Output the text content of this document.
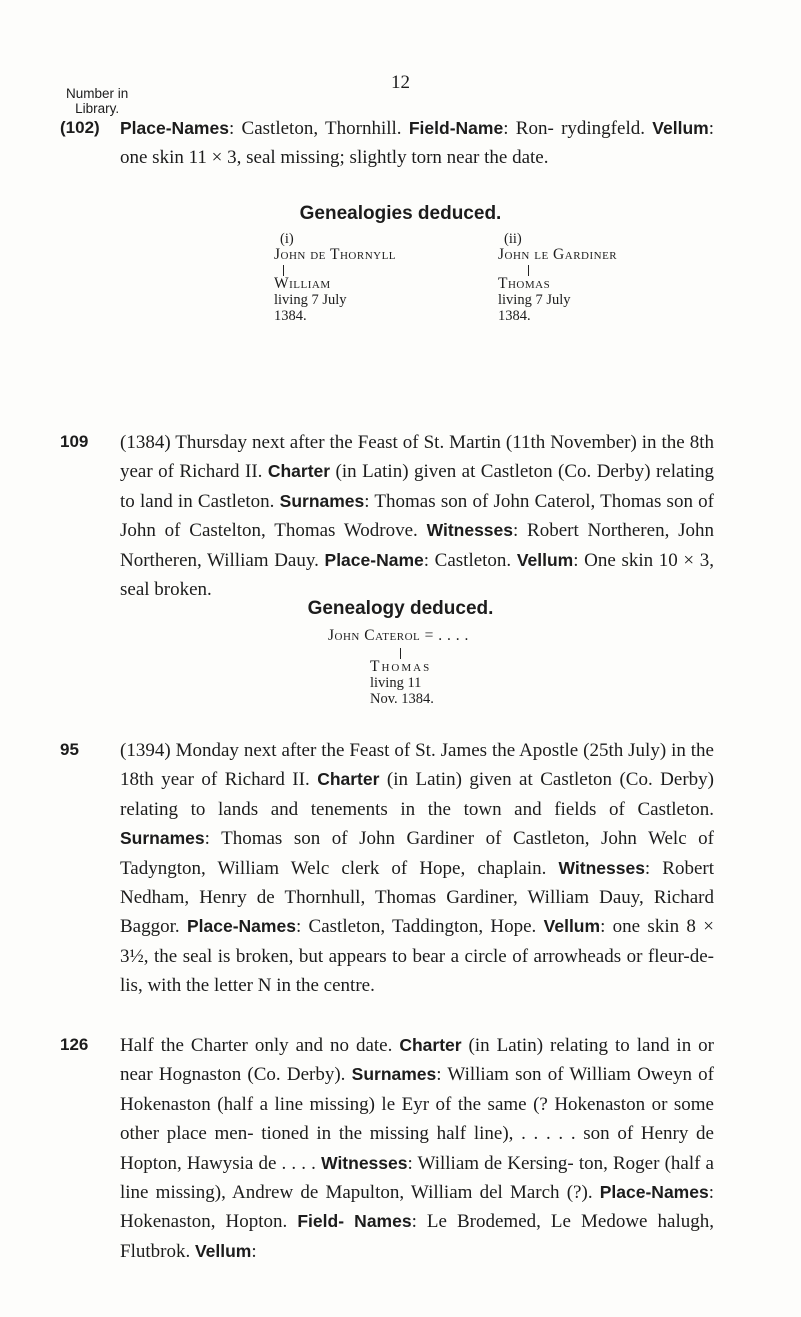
12
Number in
Library.
(102) Place-Names: Castleton, Thornhill. Field-Name: Ron- rydingfeld. Vellum: one skin 11 × 3, seal missing; slightly torn near the date.
Genealogies deduced.
(i)
John de Thornyll
William
living 7 July
1384.
(ii)
John le Gardiner
Thomas
living 7 July
1384.
109 (1384) Thursday next after the Feast of St. Martin (11th November) in the 8th year of Richard II. Charter (in Latin) given at Castleton (Co. Derby) relating to land in Castleton. Surnames: Thomas son of John Caterol, Thomas son of John of Castelton, Thomas Wodrove. Witnesses: Robert Northeren, John Northeren, William Dauy. Place-Name: Castleton. Vellum: One skin 10 × 3, seal broken.
Genealogy deduced.
John Caterol = . . . .
Thomas
living 11
Nov. 1384.
95 (1394) Monday next after the Feast of St. James the Apostle (25th July) in the 18th year of Richard II. Charter (in Latin) given at Castleton (Co. Derby) relating to lands and tenements in the town and fields of Castleton. Surnames: Thomas son of John Gardiner of Castleton, John Welc of Tadyngton, William Welc clerk of Hope, chaplain. Witnesses: Robert Nedham, Henry de Thornhull, Thomas Gardiner, William Dauy, Richard Baggor. Place-Names: Castleton, Taddington, Hope. Vellum: one skin 8 × 3½, the seal is broken, but appears to bear a circle of arrowheads or fleur-de-lis, with the letter N in the centre.
126 Half the Charter only and no date. Charter (in Latin) relating to land in or near Hognaston (Co. Derby). Surnames: William son of William Oweyn of Hokenaston (half a line missing) le Eyr of the same (? Hokenaston or some other place men- tioned in the missing half line), . . . . . son of Henry de Hopton, Hawysia de . . . . Witnesses: William de Kersing- ton, Roger (half a line missing), Andrew de Mapulton, William del March (?). Place-Names: Hokenaston, Hopton. Field- Names: Le Brodemed, Le Medowe halugh, Flutbrok. Vellum:
